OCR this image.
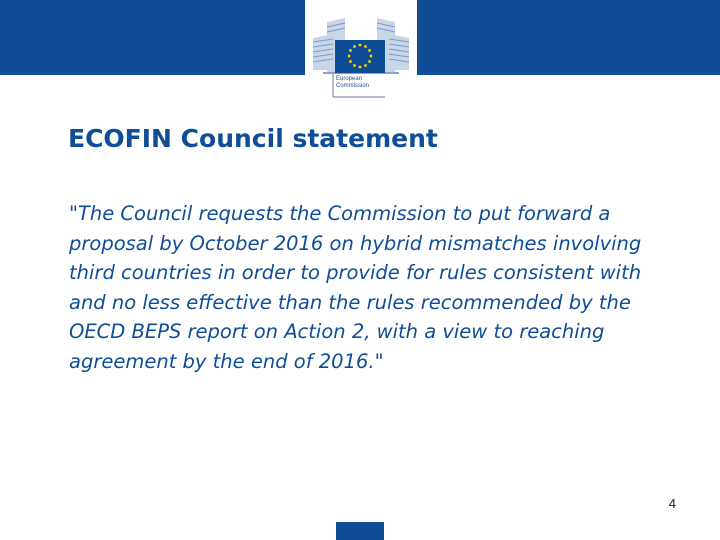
European
Commission
ECOFIN Council statement

"The Council requests the Commission to put forward a proposal by October 2016 on hybrid mismatches involving third countries in order to provide for rules consistent with and no less effective than the rules recommended by the OECD BEPS report on Action 2, with a view to reaching agreement by the end of 2016."

4
